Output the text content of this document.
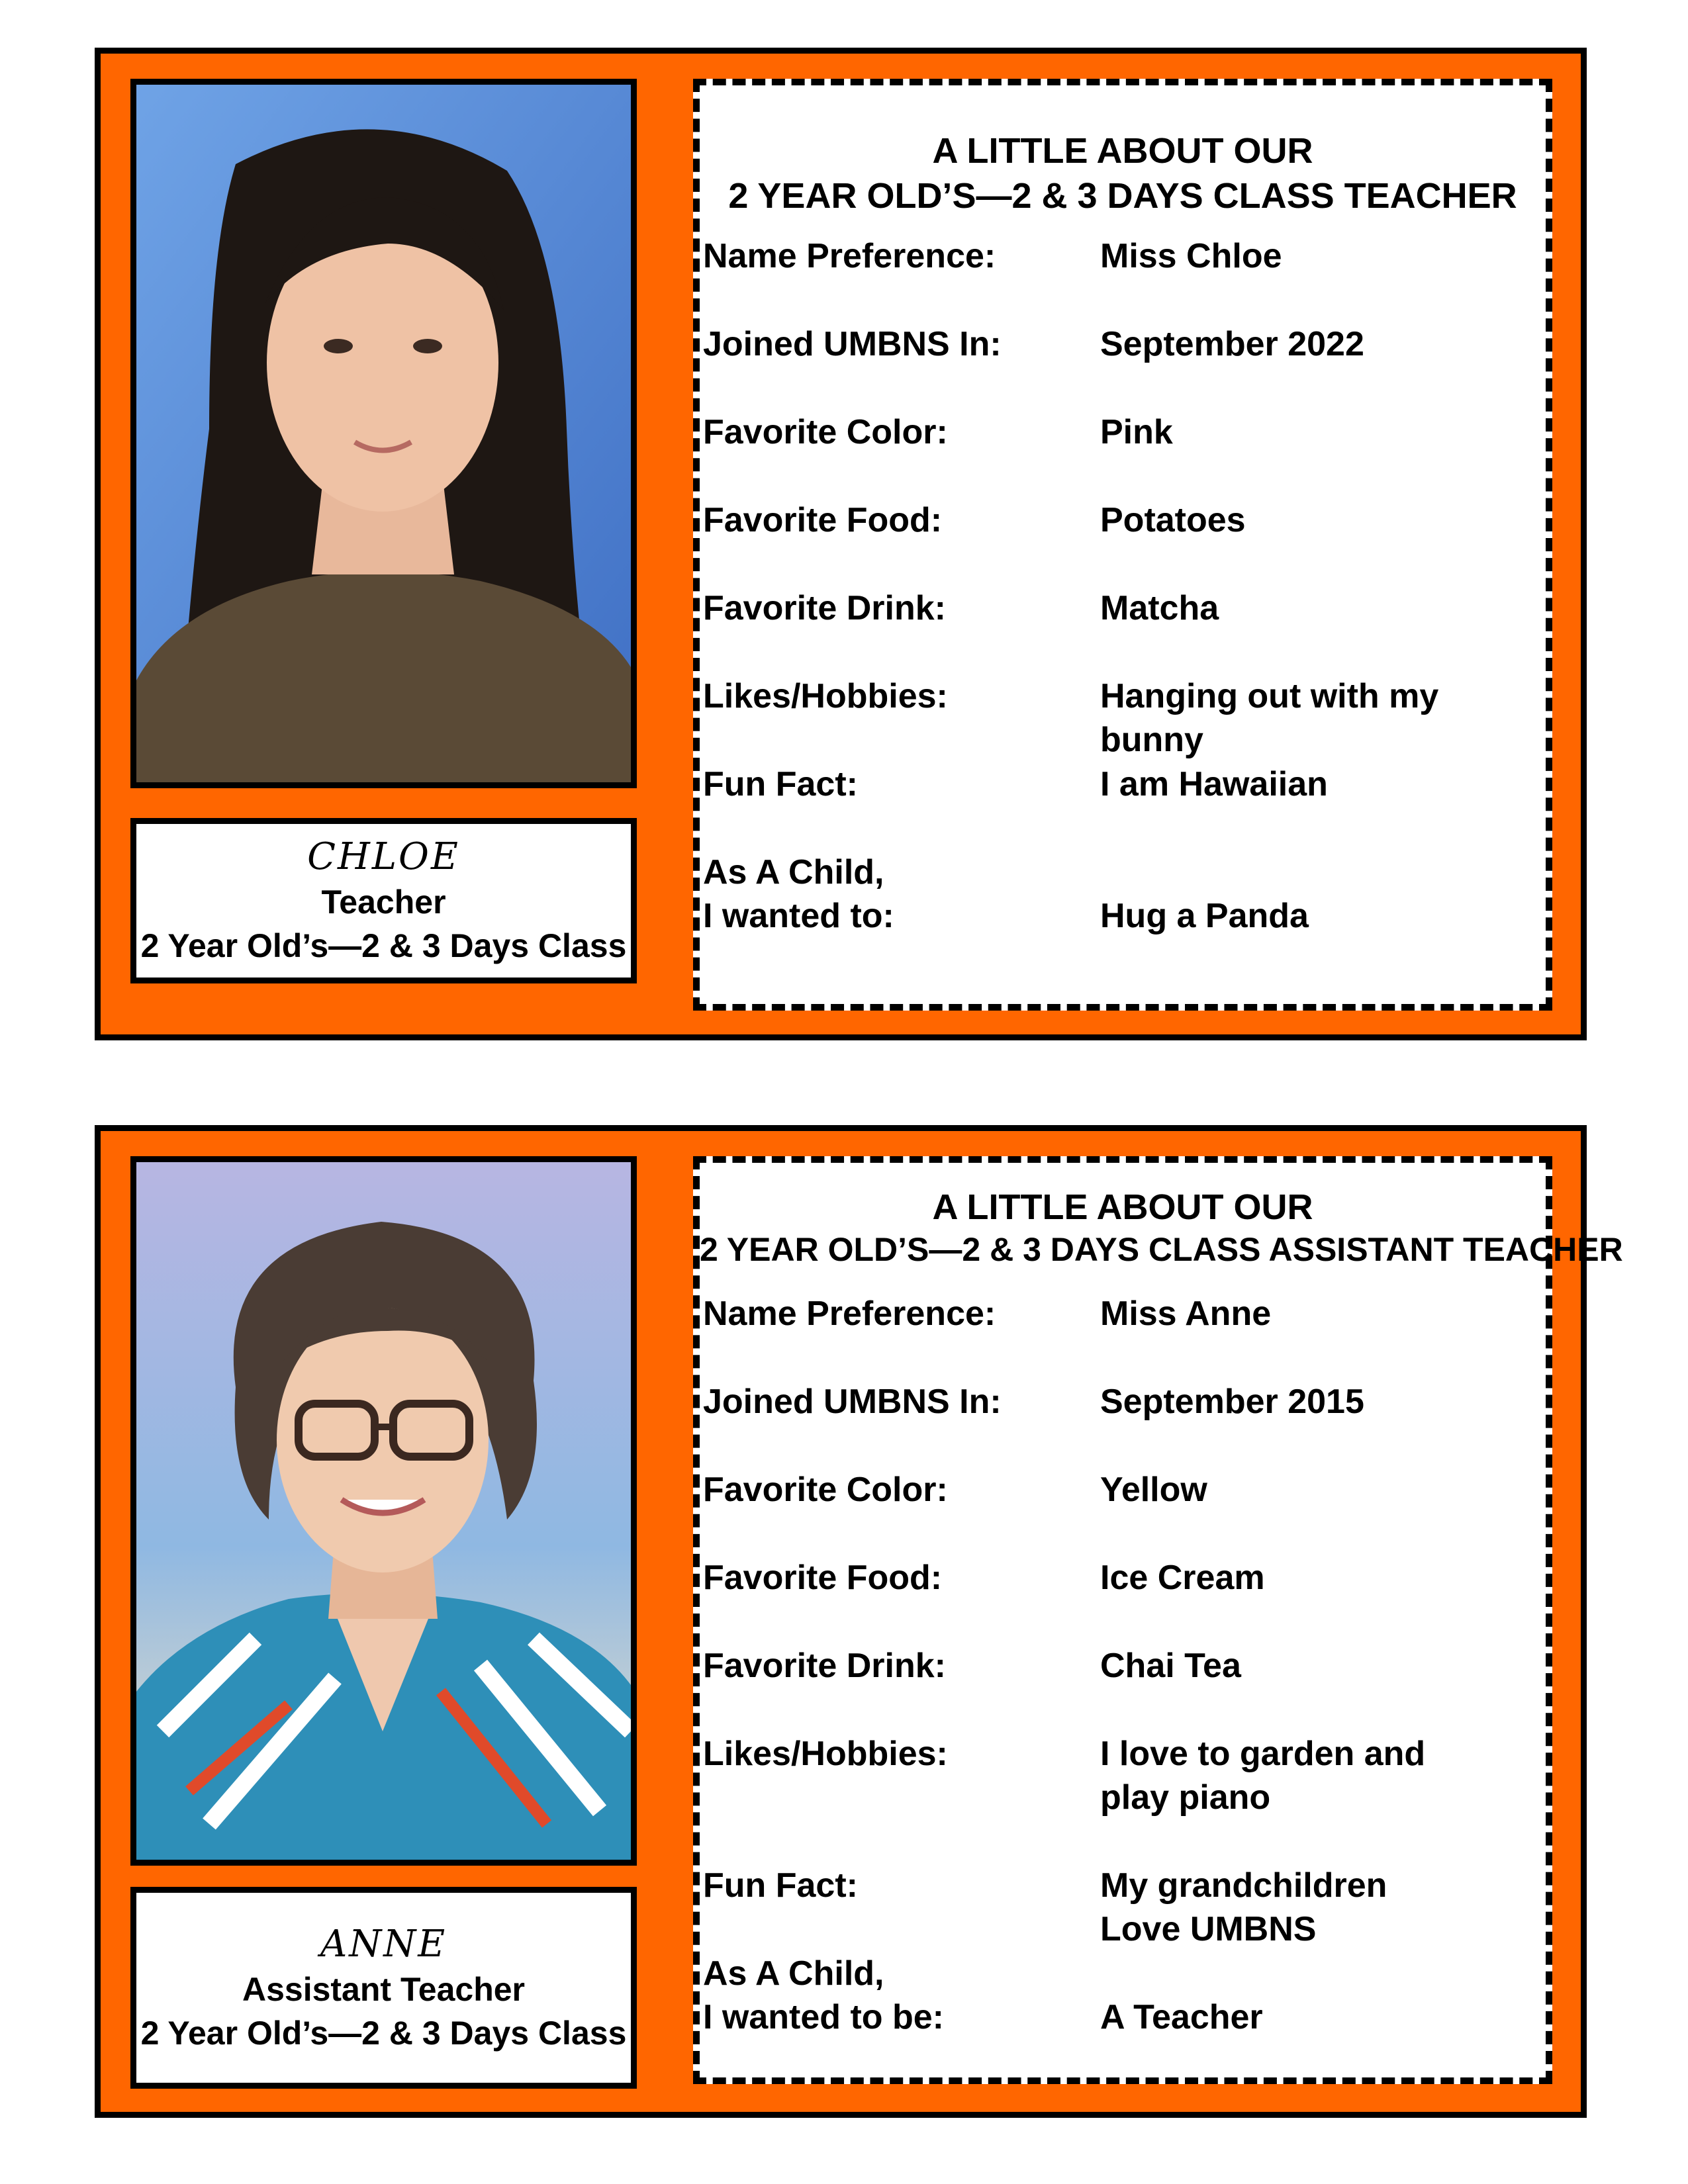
CHLOE
Teacher
2 Year Old’s—2 & 3 Days Class
A LITTLE ABOUT OUR
2 YEAR OLD’S—2 & 3 DAYS CLASS TEACHER
Name Preference:	Miss Chloe
Joined UMBNS In:	September 2022
Favorite Color:	Pink
Favorite Food:	Potatoes
Favorite Drink:	Matcha
Likes/Hobbies:	Hanging out with my bunny
Fun Fact:	I am Hawaiian
As A Child,
I wanted to:	Hug a Panda
ANNE
Assistant Teacher
2 Year Old’s—2 & 3 Days Class
A LITTLE ABOUT OUR
2 YEAR OLD’S—2 & 3 DAYS CLASS ASSISTANT TEACHER
Name Preference:	Miss Anne
Joined UMBNS In:	September 2015
Favorite Color:	Yellow
Favorite Food:	Ice Cream
Favorite Drink:	Chai Tea
Likes/Hobbies:	I love to garden and
play piano
Fun Fact:	My grandchildren
Love UMBNS
As A Child,
I wanted to be:	A Teacher
